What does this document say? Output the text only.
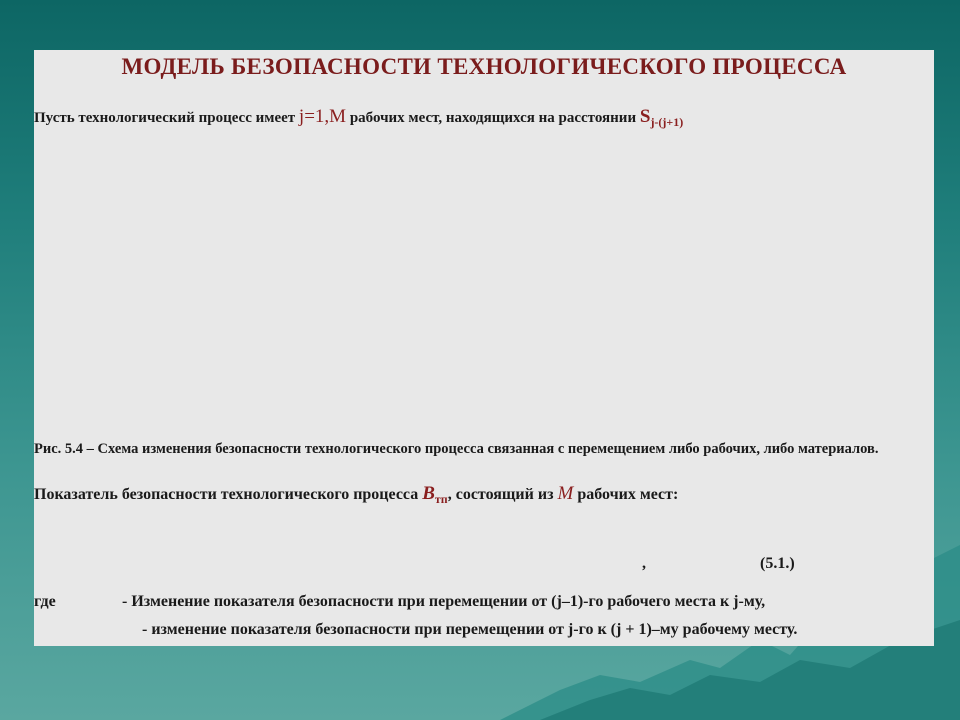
МОДЕЛЬ БЕЗОПАСНОСТИ ТЕХНОЛОГИЧЕСКОГО ПРОЦЕССА

Пусть технологический процесс имеет j=1,M рабочих мест, находящихся на расстоянии $S_{j-(j+1)}$

Рис. 5.4 – Схема изменения безопасности технологического процесса связанная с перемещением либо рабочих, либо материалов.

Показатель безопасности технологического процесса $B_{тп}$, состоящий из M рабочих мест:

,	(5.1.)
где	- Изменение показателя безопасности при перемещении от (j–1)-го рабочего места к j-му,
- изменение показателя безопасности при перемещении от j-го к (j + 1)–му рабочему месту.
